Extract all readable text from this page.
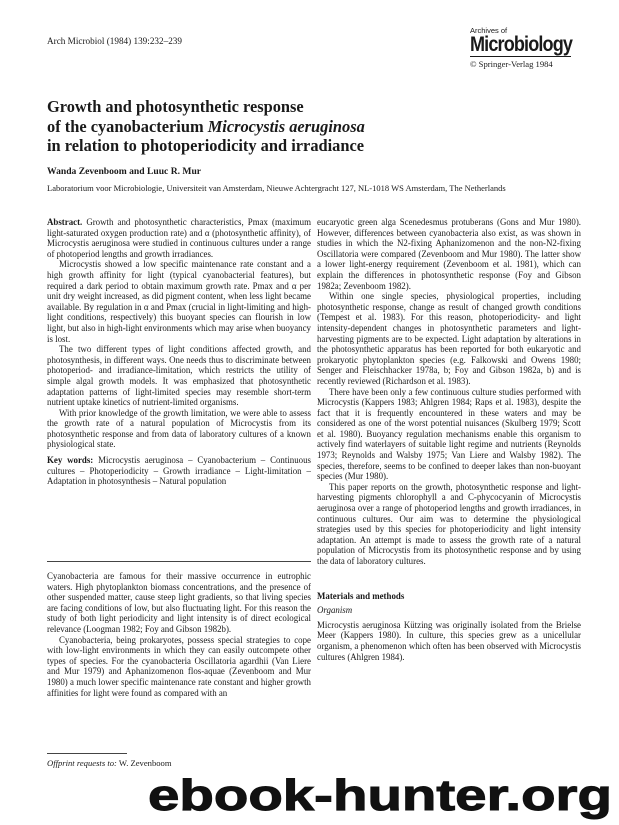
Arch Microbiol (1984) 139:232–239
Archives of
Microbiology
© Springer-Verlag 1984
Growth and photosynthetic response
of the cyanobacterium Microcystis aeruginosa
in relation to photoperiodicity and irradiance
Wanda Zevenboom and Luuc R. Mur
Laboratorium voor Microbiologie, Universiteit van Amsterdam, Nieuwe Achtergracht 127, NL-1018 WS Amsterdam, The Netherlands

Abstract. Growth and photosynthetic characteristics, Pmax (maximum light-saturated oxygen production rate) and α (photosynthetic affinity), of Microcystis aeruginosa were studied in continuous cultures under a range of photoperiod lengths and growth irradiances.

Microcystis showed a low specific maintenance rate constant and a high growth affinity for light (typical cyanobacterial features), but required a dark period to obtain maximum growth rate. Pmax and α per unit dry weight increased, as did pigment content, when less light became available. By regulation in α and Pmax (crucial in light-limiting and high-light conditions, respectively) this buoyant species can flourish in low light, but also in high-light environments which may arise when buoyancy is lost.

The two different types of light conditions affected growth, and photosynthesis, in different ways. One needs thus to discriminate between photoperiod- and irradiance-limitation, which restricts the utility of simple algal growth models. It was emphasized that photosynthetic adaptation patterns of light-limited species may resemble short-term nutrient uptake kinetics of nutrient-limited organisms.

With prior knowledge of the growth limitation, we were able to assess the growth rate of a natural population of Microcystis from its photosynthetic response and from data of laboratory cultures of a known physiological state.

Key words: Microcystis aeruginosa – Cyanobacterium – Continuous cultures – Photoperiodicity – Growth irradiance – Light-limitation – Adaptation in photosynthesis – Natural population

Cyanobacteria are famous for their massive occurrence in eutrophic waters. High phytoplankton biomass concentrations, and the presence of other suspended matter, cause steep light gradients, so that living species are facing conditions of low, but also fluctuating light. For this reason the study of both light periodicity and light intensity is of direct ecological relevance (Loogman 1982; Foy and Gibson 1982b).

Cyanobacteria, being prokaryotes, possess special strategies to cope with low-light environments in which they can easily outcompete other types of species. For the cyanobacteria Oscillatoria agardhii (Van Liere and Mur 1979) and Aphanizomenon flos-aquae (Zevenboom and Mur 1980) a much lower specific maintenance rate constant and higher growth affinities for light were found as compared with an

Offprint requests to: W. Zevenboom

eucaryotic green alga Scenedesmus protuberans (Gons and Mur 1980). However, differences between cyanobacteria also exist, as was shown in studies in which the N2-fixing Aphanizomenon and the non-N2-fixing Oscillatoria were compared (Zevenboom and Mur 1980). The latter show a lower light-energy requirement (Zevenboom et al. 1981), which can explain the differences in photosynthetic response (Foy and Gibson 1982a; Zevenboom 1982).

Within one single species, physiological properties, including photosynthetic response, change as result of changed growth conditions (Tempest et al. 1983). For this reason, photoperiodicity- and light intensity-dependent changes in photosynthetic parameters and light-harvesting pigments are to be expected. Light adaptation by alterations in the photosynthetic apparatus has been reported for both eukaryotic and prokaryotic phytoplankton species (e.g. Falkowski and Owens 1980; Senger and Fleischhacker 1978a, b; Foy and Gibson 1982a, b) and is recently reviewed (Richardson et al. 1983).

There have been only a few continuous culture studies performed with Microcystis (Kappers 1983; Ahlgren 1984; Raps et al. 1983), despite the fact that it is frequently encountered in these waters and may be considered as one of the worst potential nuisances (Skulberg 1979; Scott et al. 1980). Buoyancy regulation mechanisms enable this organism to actively find waterlayers of suitable light regime and nutrients (Reynolds 1973; Reynolds and Walsby 1975; Van Liere and Walsby 1982). The species, therefore, seems to be confined to deeper lakes than non-buoyant species (Mur 1980).

This paper reports on the growth, photosynthetic response and light-harvesting pigments chlorophyll a and C-phycocyanin of Microcystis aeruginosa over a range of photoperiod lengths and growth irradiances, in continuous cultures. Our aim was to determine the physiological strategies used by this species for photoperiodicity and light intensity adaptation. An attempt is made to assess the growth rate of a natural population of Microcystis from its photosynthetic response and by using the data of laboratory cultures.

Materials and methods

Organism

Microcystis aeruginosa Kützing was originally isolated from the Brielse Meer (Kappers 1980). In culture, this species grew as a unicellular organism, a phenomenon which often has been observed with Microcystis cultures (Ahlgren 1984).

ebook-hunter.org
